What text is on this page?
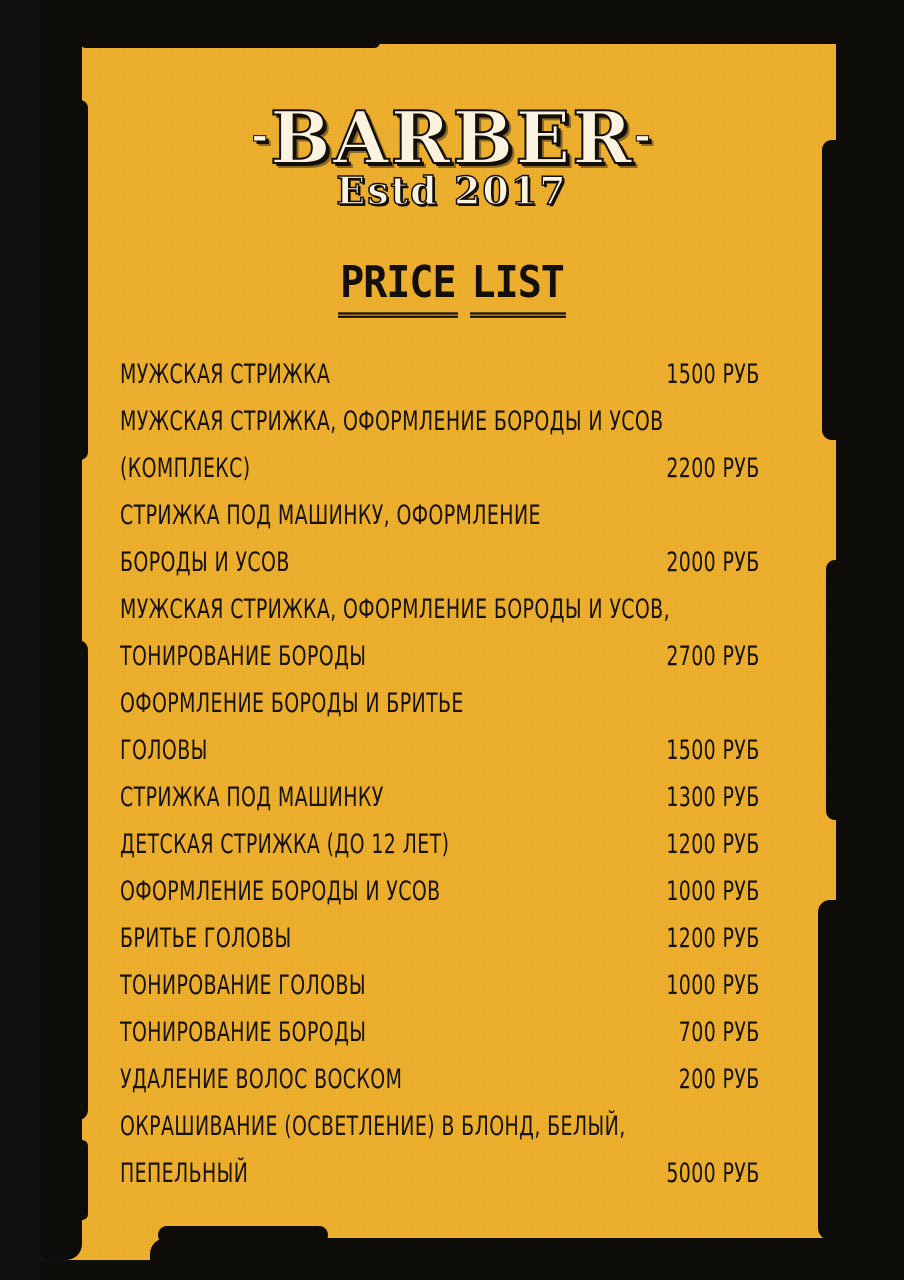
-BARBER-
Estd 2017
PRICE LIST
МУЖСКАЯ СТРИЖКА	1500 РУБ
МУЖСКАЯ СТРИЖКА, ОФОРМЛЕНИЕ БОРОДЫ И УСОВ
(КОМПЛЕКС)	2200 РУБ
СТРИЖКА ПОД МАШИНКУ, ОФОРМЛЕНИЕ
БОРОДЫ И УСОВ	2000 РУБ
МУЖСКАЯ СТРИЖКА, ОФОРМЛЕНИЕ БОРОДЫ И УСОВ,
ТОНИРОВАНИЕ БОРОДЫ	2700 РУБ
ОФОРМЛЕНИЕ БОРОДЫ И БРИТЬЕ
ГОЛОВЫ	1500 РУБ
СТРИЖКА ПОД МАШИНКУ	1300 РУБ
ДЕТСКАЯ СТРИЖКА (ДО 12 ЛЕТ)	1200 РУБ
ОФОРМЛЕНИЕ БОРОДЫ И УСОВ	1000 РУБ
БРИТЬЕ ГОЛОВЫ	1200 РУБ
ТОНИРОВАНИЕ ГОЛОВЫ	1000 РУБ
ТОНИРОВАНИЕ БОРОДЫ	700 РУБ
УДАЛЕНИЕ ВОЛОС ВОСКОМ	200 РУБ
ОКРАШИВАНИЕ (ОСВЕТЛЕНИЕ) В БЛОНД, БЕЛЫЙ,
ПЕПЕЛЬНЫЙ	5000 РУБ
